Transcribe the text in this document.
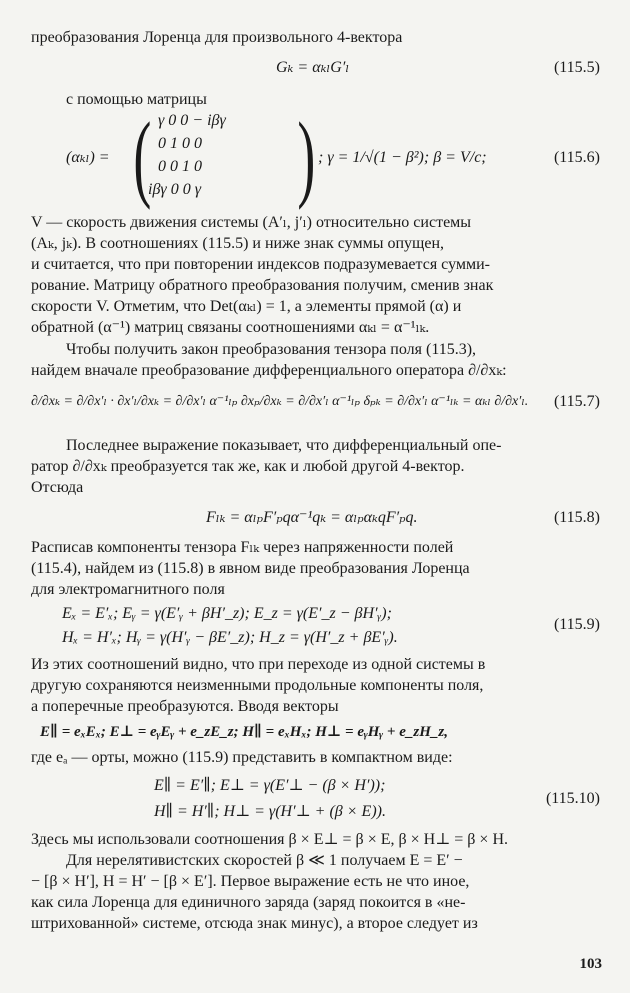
преобразования Лоренца для произвольного 4-вектора
Gₖ = αₖₗG′ₗ	(115.5)
с помощью матрицы
(αₖₗ) = ( γ 0 0 − iβγ
0 1 0 0
0 0 1 0
iβγ 0 0 γ ) ; γ = 1/√(1 − β²); β = V/c;	(115.6)
V — скорость движения системы (A′ₗ, j′ₗ) относительно системы
(Aₖ, jₖ). В соотношениях (115.5) и ниже знак суммы опущен,
и считается, что при повторении индексов подразумевается сумми-
рование. Матрицу обратного преобразования получим, сменив знак
скорости V. Отметим, что Det(αₖₗ) = 1, а элементы прямой (α) и
обратной (α⁻¹) матриц связаны соотношениями αₖₗ = α⁻¹ₗₖ.
Чтобы получить закон преобразования тензора поля (115.3),
найдем вначале преобразование дифференциального оператора ∂/∂xₖ:
∂/∂xₖ = ∂/∂x′ₗ · ∂x′ₗ/∂xₖ = ∂/∂x′ₗ α⁻¹ₗₚ ∂xₚ/∂xₖ = ∂/∂x′ₗ α⁻¹ₗₚ δₚₖ = ∂/∂x′ₗ α⁻¹ₗₖ = αₖₗ ∂/∂x′ₗ. (115.7)
Последнее выражение показывает, что дифференциальный опе-
ратор ∂/∂xₖ преобразуется так же, как и любой другой 4-вектор.
Отсюда
Fₗₖ = αₗₚF′ₚqα⁻¹qₖ = αₗₚαₖqF′ₚq.	(115.8)
Расписав компоненты тензора Fₗₖ через напряженности полей
(115.4), найдем из (115.8) в явном виде преобразования Лоренца
для электромагнитного поля
Eₓ = E′ₓ; Eᵧ = γ(E′ᵧ + βH′_z); E_z = γ(E′_z − βH′ᵧ);
Hₓ = H′ₓ; Hᵧ = γ(H′ᵧ − βE′_z); H_z = γ(H′_z + βE′ᵧ).
(115.9)
Из этих соотношений видно, что при переходе из одной системы в
другую сохраняются неизменными продольные компоненты поля,
а поперечные преобразуются. Вводя векторы
E∥ = eₓEₓ; E⊥ = eᵧEᵧ + e_zE_z; H∥ = eₓHₓ; H⊥ = eᵧHᵧ + e_zH_z,
где eₐ — орты, можно (115.9) представить в компактном виде:
E∥ = E′∥; E⊥ = γ(E′⊥ − (β × H′));
H∥ = H′∥; H⊥ = γ(H′⊥ + (β × E)).
(115.10)
Здесь мы использовали соотношения β × E⊥ = β × E, β × H⊥ = β × H.
Для нерелятивистских скоростей β ≪ 1 получаем E = E′ −
− [β × H′], H = H′ − [β × E′]. Первое выражение есть не что иное,
как сила Лоренца для единичного заряда (заряд покоится в «не-
штрихованной» системе, отсюда знак минус), а второе следует из
103
